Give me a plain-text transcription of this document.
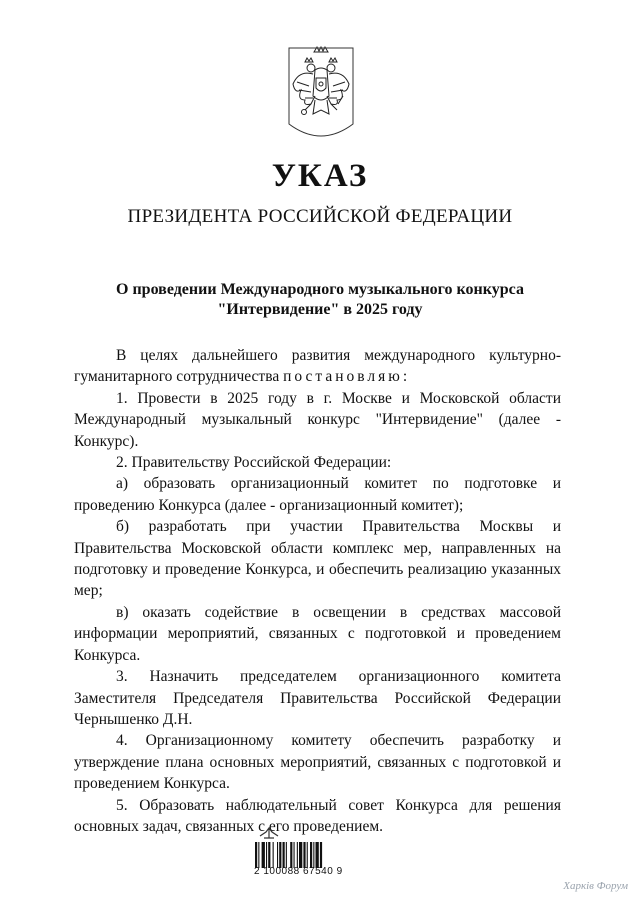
УКАЗ
ПРЕЗИДЕНТА РОССИЙСКОЙ ФЕДЕРАЦИИ
О проведении Международного музыкального конкурса
"Интервидение" в 2025 году

В целях дальнейшего развития международного культурно-гуманитарного сотрудничества постановляю:

1. Провести в 2025 году в г. Москве и Московской области Международный музыкальный конкурс "Интервидение" (далее - Конкурс).

2. Правительству Российской Федерации:

а) образовать организационный комитет по подготовке и проведению Конкурса (далее - организационный комитет);

б) разработать при участии Правительства Москвы и Правительства Московской области комплекс мер, направленных на подготовку и проведение Конкурса, и обеспечить реализацию указанных мер;

в) оказать содействие в освещении в средствах массовой информации мероприятий, связанных с подготовкой и проведением Конкурса.

3. Назначить председателем организационного комитета Заместителя Председателя Правительства Российской Федерации Чернышенко Д.Н.

4. Организационному комитету обеспечить разработку и утверждение плана основных мероприятий, связанных с подготовкой и проведением Конкурса.

5. Образовать наблюдательный совет Конкурса для решения основных задач, связанных с его проведением.

2 100088 67540 9
Харків Форум
